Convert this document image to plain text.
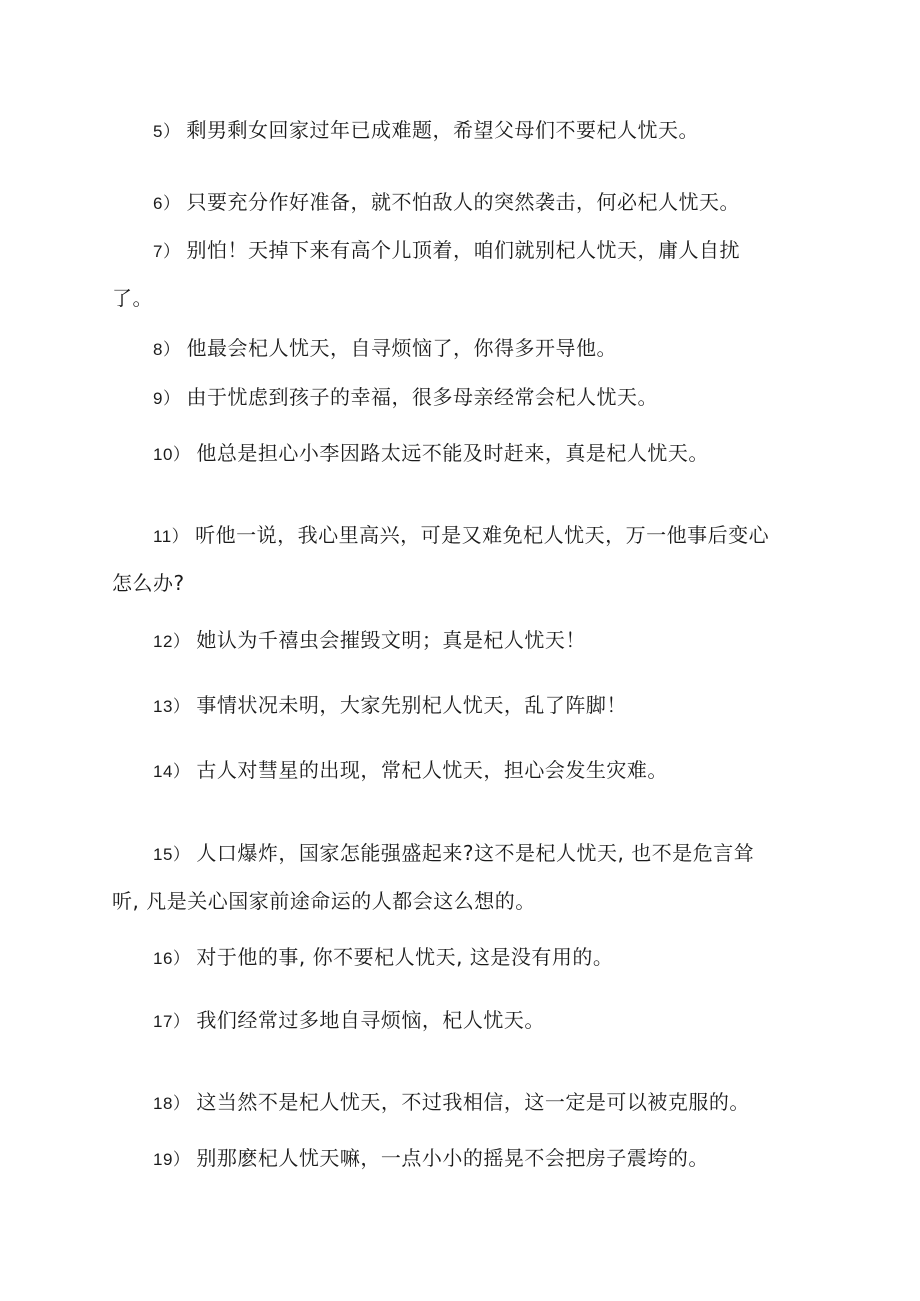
5） 剩男剩女回家过年已成难题，希望父母们不要杞人忧天。
6） 只要充分作好准备，就不怕敌人的突然袭击，何必杞人忧天。
7） 别怕！天掉下来有高个儿顶着，咱们就别杞人忧天，庸人自扰
了。
8） 他最会杞人忧天，自寻烦恼了，你得多开导他。
9） 由于忧虑到孩子的幸福，很多母亲经常会杞人忧天。
10） 他总是担心小李因路太远不能及时赶来，真是杞人忧天。
11） 听他一说，我心里高兴，可是又难免杞人忧天，万一他事后变心
怎么办?
12） 她认为千禧虫会摧毁文明；真是杞人忧天！
13） 事情状况未明，大家先别杞人忧天，乱了阵脚！
14） 古人对彗星的出现，常杞人忧天，担心会发生灾难。
15） 人口爆炸，国家怎能强盛起来?这不是杞人忧天, 也不是危言耸
听, 凡是关心国家前途命运的人都会这么想的。
16） 对于他的事, 你不要杞人忧天, 这是没有用的。
17） 我们经常过多地自寻烦恼，杞人忧天。
18） 这当然不是杞人忧天，不过我相信，这一定是可以被克服的。
19） 别那麽杞人忧天嘛，一点小小的摇晃不会把房子震垮的。
